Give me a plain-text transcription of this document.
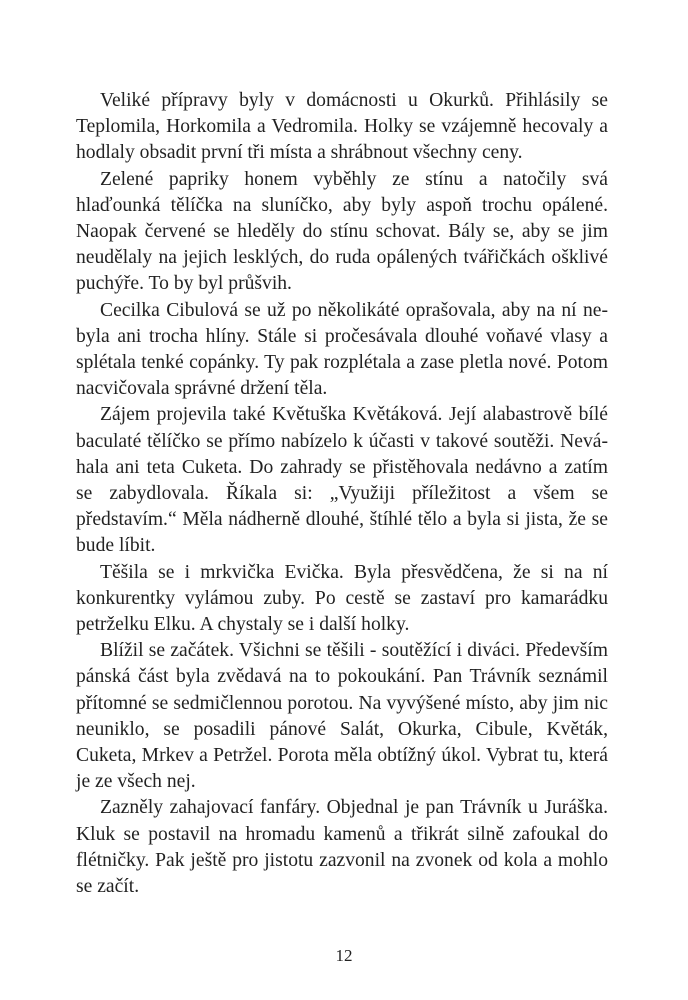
Veliké přípravy byly v domácnosti u Okurků. Přihlásily se Teplomila, Horkomila a Vedromila. Holky se vzájemně hecovaly a hodlaly obsadit první tři místa a shrábnout všechny ceny.

Zelené papriky honem vyběhly ze stínu a natočily svá hlaďounká tělíčka na sluníčko, aby byly aspoň trochu opálené. Naopak červené se hleděly do stínu schovat. Bály se, aby se jim neudělaly na jejich lesklých, do ruda opálených tvářičkách ošklivé puchýře. To by byl průšvih.

Cecilka Cibulová se už po několikáté oprašovala, aby na ní nebyla ani trocha hlíny. Stále si pročesávala dlouhé voňavé vlasy a splétala tenké copánky. Ty pak rozplétala a zase pletla nové. Potom nacvičovala správné držení těla.

Zájem projevila také Květuška Květáková. Její alabastrově bílé baculaté tělíčko se přímo nabízelo k účasti v takové soutěži. Neváhala ani teta Cuketa. Do zahrady se přistěhovala nedávno a zatím se zabydlovala. Říkala si: „Využiji příležitost a všem se představím.“ Měla nádherně dlouhé, štíhlé tělo a byla si jista, že se bude líbit.

Těšila se i mrkvička Evička. Byla přesvědčena, že si na ní konkurentky vylámou zuby. Po cestě se zastaví pro kamarádku petrželku Elku. A chystaly se i další holky.

Blížil se začátek. Všichni se těšili - soutěžící i diváci. Především pánská část byla zvědavá na to pokoukání. Pan Trávník seznámil přítomné se sedmičlennou porotou. Na vyvýšené místo, aby jim nic neuniklo, se posadili pánové Salát, Okurka, Cibule, Květák, Cuketa, Mrkev a Petržel. Porota měla obtížný úkol. Vybrat tu, která je ze všech nej.

Zazněly zahajovací fanfáry. Objednal je pan Trávník u Juráška. Kluk se postavil na hromadu kamenů a třikrát silně zafoukal do flétničky. Pak ještě pro jistotu zazvonil na zvonek od kola a mohlo se začít.

12
